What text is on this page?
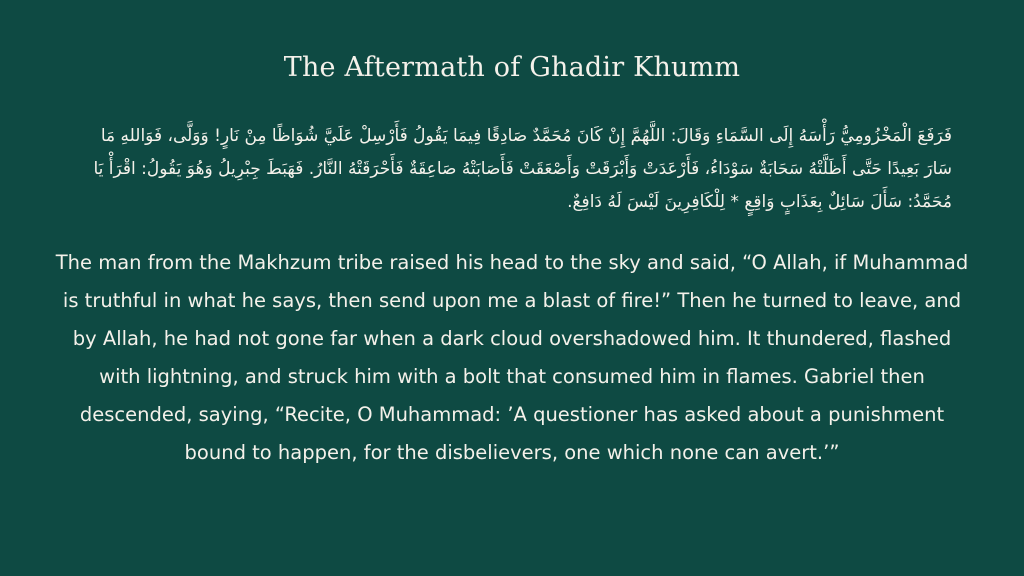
The Aftermath of Ghadir Khumm
فَرَفَعَ الْمَخْزُومِيُّ رَأْسَهُ إِلَى السَّمَاءِ وَقَالَ: اللَّهُمَّ إِنْ كَانَ مُحَمَّدٌ صَادِقًا فِيمَا يَقُولُ فَأَرْسِلْ عَلَيَّ شُوَاظًا مِنْ نَارٍ! وَوَلَّى، فَوَاللهِ مَا سَارَ بَعِيدًا حَتَّى أَظَلَّتْهُ سَحَابَةٌ سَوْدَاءُ، فَأَرْعَدَتْ وَأَبْرَقَتْ وَأَصْعَقَتْ فَأَصَابَتْهُ صَاعِقَةٌ فَأَحْرَقَتْهُ النَّارُ. فَهَبَطَ جِبْرِيلُ وَهُوَ يَقُولُ: اقْرَأْ يَا مُحَمَّدُ: سَأَلَ سَائِلٌ بِعَذَابٍ وَاقِعٍ * لِلْكَافِرِينَ لَيْسَ لَهُ دَافِعٌ.
The man from the Makhzum tribe raised his head to the sky and said, “O Allah, if Muhammad is truthful in what he says, then send upon me a blast of fire!” Then he turned to leave, and by Allah, he had not gone far when a dark cloud overshadowed him. It thundered, flashed with lightning, and struck him with a bolt that consumed him in flames. Gabriel then descended, saying, “Recite, O Muhammad: ’A questioner has asked about a punishment bound to happen, for the disbelievers, one which none can avert.’”
